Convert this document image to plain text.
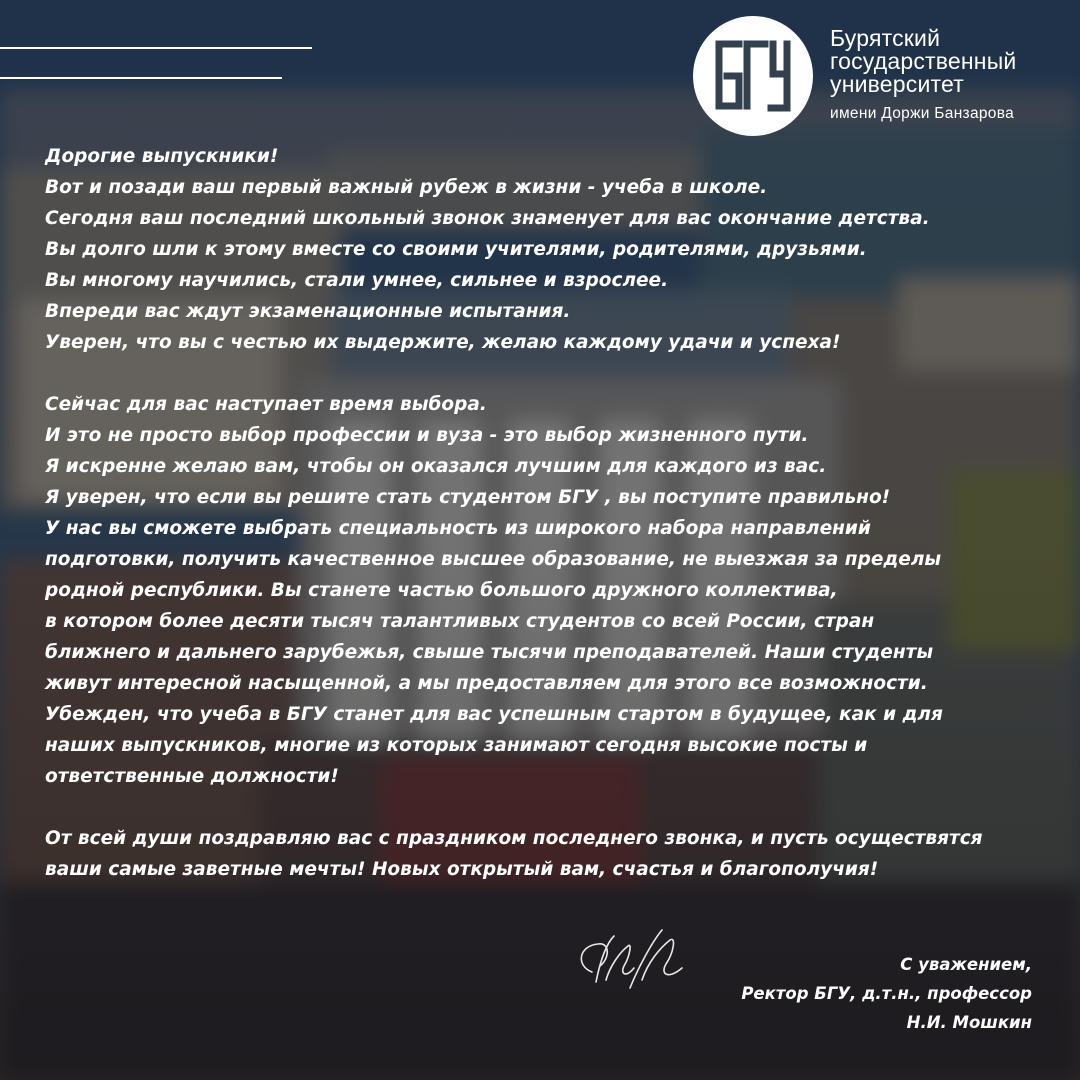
Бурятский
государственный
университет
имени Доржи Банзарова
Дорогие выпускники!
Вот и позади ваш первый важный рубеж в жизни - учеба в школе.
Сегодня ваш последний школьный звонок знаменует для вас окончание детства.
Вы долго шли к этому вместе со своими учителями, родителями, друзьями.
Вы многому научились, стали умнее, сильнее и взрослее.
Впереди вас ждут экзаменационные испытания.
Уверен, что вы с честью их выдержите, желаю каждому удачи и успеха!
Сейчас для вас наступает время выбора.
И это не просто выбор профессии и вуза - это выбор жизненного пути.
Я искренне желаю вам, чтобы он оказался лучшим для каждого из вас.
Я уверен, что если вы решите стать студентом БГУ , вы поступите правильно!
У нас вы сможете выбрать специальность из широкого набора направлений
подготовки, получить качественное высшее образование, не выезжая за пределы
родной республики. Вы станете частью большого дружного коллектива,
в котором более десяти тысяч талантливых студентов со всей России, стран
ближнего и дальнего зарубежья, свыше тысячи преподавателей. Наши студенты
живут интересной насыщенной, а мы предоставляем для этого все возможности.
Убежден, что учеба в БГУ станет для вас успешным стартом в будущее, как и для
наших выпускников, многие из которых занимают сегодня высокие посты и
ответственные должности!
От всей души поздравляю вас с праздником последнего звонка, и пусть осуществятся
ваши самые заветные мечты! Новых открытый вам, счастья и благополучия!
С уважением,
Ректор БГУ, д.т.н., профессор
Н.И. Мошкин
